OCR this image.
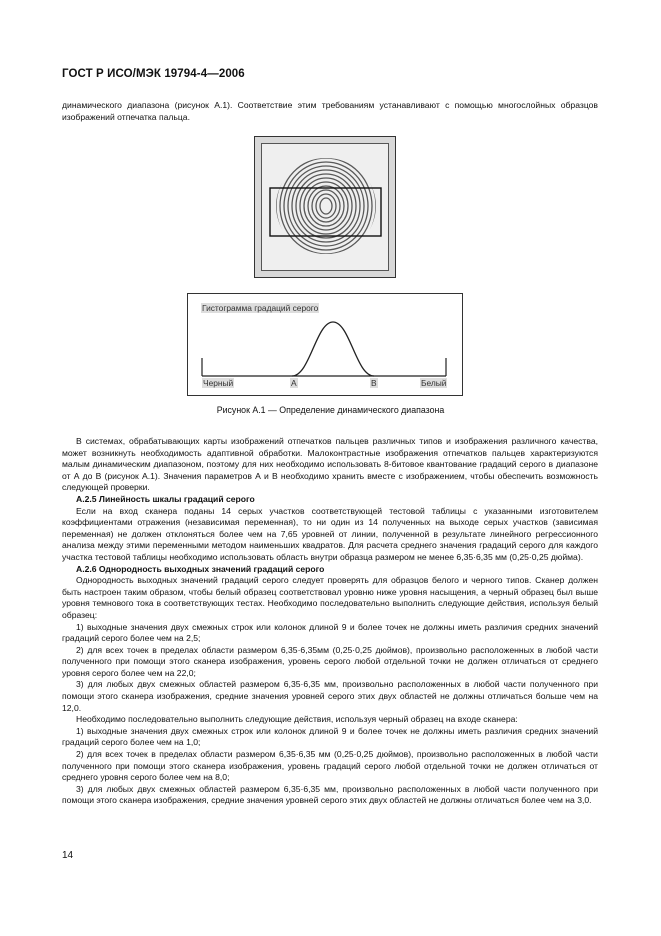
ГОСТ Р ИСО/МЭК 19794-4—2006

динамического диапазона (рисунок А.1). Соответствие этим требованиям устанавливают с помощью многослойных образцов изображений отпечатка пальца.

Гистограмма градаций серого
Черный	A	B	Белый
Рисунок А.1 — Определение динамического диапазона

В системах, обрабатывающих карты изображений отпечатков пальцев различных типов и изображения различного качества, может возникнуть необходимость адаптивной обработки. Малоконтрастные изображения отпечатков пальцев характеризуются малым динамическим диапазоном, поэтому для них необходимо использовать 8-битовое квантование градаций серого в диапазоне от А до В (рисунок А.1). Значения параметров А и В необходимо хранить вместе с изображением, чтобы обеспечить возможность следующей проверки.

А.2.5 Линейность шкалы градаций серого

Если на вход сканера поданы 14 серых участков соответствующей тестовой таблицы с указанными изготовителем коэффициентами отражения (независимая переменная), то ни один из 14 полученных на выходе серых участков (зависимая переменная) не должен отклоняться более чем на 7,65 уровней от линии, полученной в результате линейного регрессионного анализа между этими переменными методом наименьших квадратов. Для расчета среднего значения градаций серого для каждого участка тестовой таблицы необходимо использовать область внутри образца размером не менее 6,35·6,35 мм (0,25·0,25 дюйма).

А.2.6 Однородность выходных значений градаций серого

Однородность выходных значений градаций серого следует проверять для образцов белого и черного типов. Сканер должен быть настроен таким образом, чтобы белый образец соответствовал уровню ниже уровня насыщения, а черный образец был выше уровня темнового тока в соответствующих тестах. Необходимо последовательно выполнить следующие действия, используя белый образец:

1) выходные значения двух смежных строк или колонок длиной 9 и более точек не должны иметь различия средних значений градаций серого более чем на 2,5;

2) для всех точек в пределах области размером 6,35·6,35мм (0,25·0,25 дюймов), произвольно расположенных в любой части полученного при помощи этого сканера изображения, уровень серого любой отдельной точки не должен отличаться от среднего уровня серого более чем на 22,0;

3) для любых двух смежных областей размером 6,35·6,35 мм, произвольно расположенных в любой части полученного при помощи этого сканера изображения, средние значения уровней серого этих двух областей не должны отличаться больше чем на 12,0.

Необходимо последовательно выполнить следующие действия, используя черный образец на входе сканера:

1) выходные значения двух смежных строк или колонок длиной 9 и более точек не должны иметь различия средних значений градаций серого более чем на 1,0;

2) для всех точек в пределах области размером 6,35·6,35 мм (0,25·0,25 дюймов), произвольно расположенных в любой части полученного при помощи этого сканера изображения, уровень градаций серого любой отдельной точки не должен отличаться от среднего уровня серого более чем на 8,0;

3) для любых двух смежных областей размером 6,35·6,35 мм, произвольно расположенных в любой части полученного при помощи этого сканера изображения, средние значения уровней серого этих двух областей не должны отличаться более чем на 3,0.

14
